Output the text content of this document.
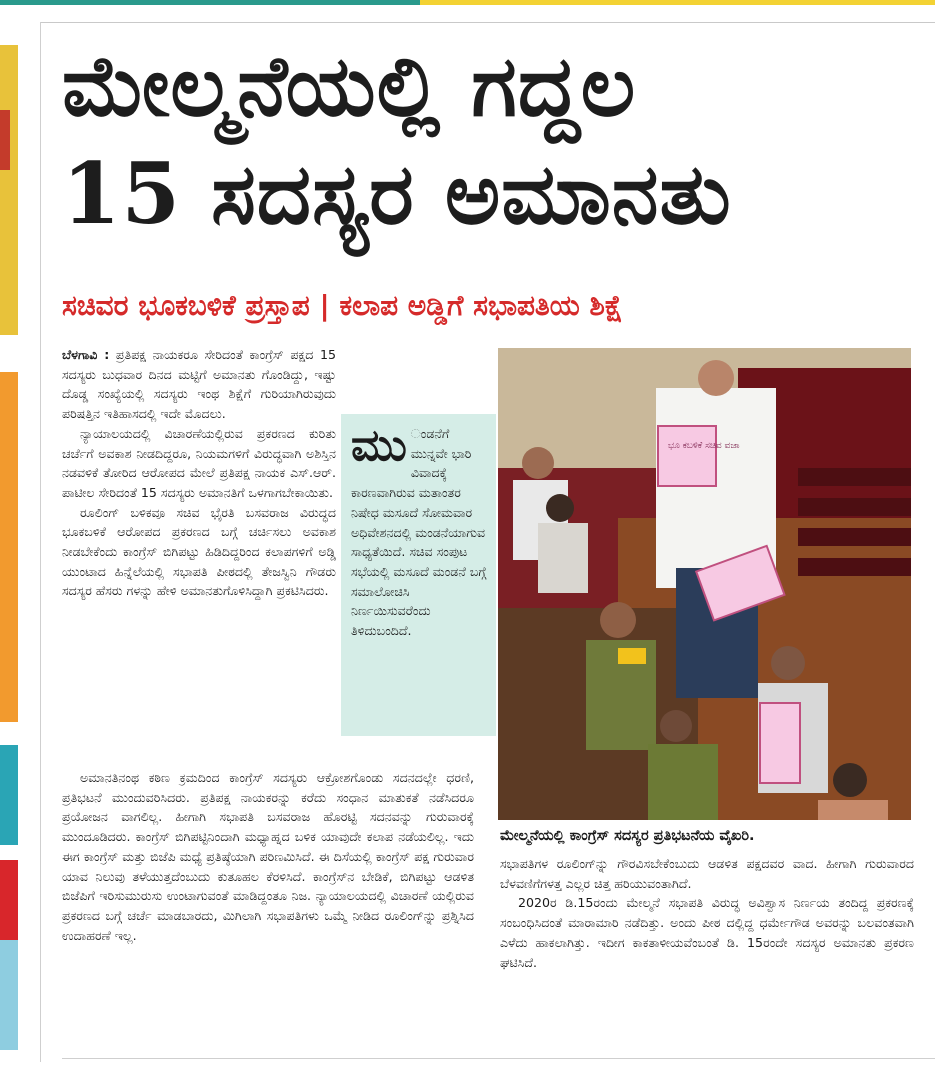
ಮೇಲ್ಮನೆಯಲ್ಲಿ ಗದ್ದಲ
15 ಸದಸ್ಯರ ಅಮಾನತು
ಸಚಿವರ ಭೂಕಬಳಿಕೆ ಪ್ರಸ್ತಾಪ | ಕಲಾಪ ಅಡ್ಡಿಗೆ ಸಭಾಪತಿಯ ಶಿಕ್ಷೆ

ಬೆಳಗಾವಿ : ಪ್ರತಿಪಕ್ಷ ನಾಯಕರೂ ಸೇರಿದಂತೆ ಕಾಂಗ್ರೆಸ್ ಪಕ್ಷದ 15 ಸದಸ್ಯರು ಬುಧವಾರ ದಿನದ ಮಟ್ಟಿಗೆ ಅಮಾನತು ಗೊಂಡಿದ್ದು, ಇಷ್ಟು ದೊಡ್ಡ ಸಂಖ್ಯೆಯಲ್ಲಿ ಸದಸ್ಯರು ಇಂಥ ಶಿಕ್ಷೆಗೆ ಗುರಿಯಾಗಿರುವುದು ಪರಿಷತ್ತಿನ ಇತಿಹಾಸದಲ್ಲಿ ಇದೇ ಮೊದಲು.

ನ್ಯಾಯಾಲಯದಲ್ಲಿ ವಿಚಾರಣೆಯಲ್ಲಿರುವ ಪ್ರಕರಣದ ಕುರಿತು ಚರ್ಚೆಗೆ ಅವಕಾಶ ನೀಡದಿದ್ದರೂ, ನಿಯಮಗಳಿಗೆ ವಿರುದ್ಧವಾಗಿ ಅಶಿಸ್ತಿನ ನಡವಳಿಕೆ ತೋರಿದ ಆರೋಪದ ಮೇಲೆ ಪ್ರತಿಪಕ್ಷ ನಾಯಕ ಎಸ್.ಆರ್. ಪಾಟೀಲ ಸೇರಿದಂತೆ 15 ಸದಸ್ಯರು ಅಮಾನತಿಗೆ ಒಳಗಾಗಬೇಕಾಯಿತು.

ರೂಲಿಂಗ್ ಬಳಿಕವೂ ಸಚಿವ ಭೈರತಿ ಬಸವರಾಜ ವಿರುದ್ಧದ ಭೂಕಬಳಿಕೆ ಆರೋಪದ ಪ್ರಕರಣದ ಬಗ್ಗೆ ಚರ್ಚಿಸಲು ಅವಕಾಶ ನೀಡಬೇಕೆಂದು ಕಾಂಗ್ರೆಸ್ ಬಿಗಿಪಟ್ಟು ಹಿಡಿದಿದ್ದರಿಂದ ಕಲಾಪಗಳಿಗೆ ಅಡ್ಡಿ ಯುಂಟಾದ ಹಿನ್ನೆಲೆಯಲ್ಲಿ ಸಭಾಪತಿ ಪೀಠದಲ್ಲಿ ತೇಜಸ್ವಿನಿ ಗೌಡರು ಸದಸ್ಯರ ಹೆಸರು ಗಳನ್ನು ಹೇಳಿ ಅಮಾನತುಗೊಳಿಸಿದ್ದಾಗಿ ಪ್ರಕಟಿಸಿದರು.

ಮು ಂಡನೆಗೆ ಮುನ್ನವೇ ಭಾರಿ ವಿವಾದಕ್ಕೆ ಕಾರಣವಾಗಿರುವ ಮತಾಂತರ ನಿಷೇಧ ಮಸೂದೆ ಸೋಮವಾರ ಅಧಿವೇಶನದಲ್ಲಿ ಮಂಡನೆಯಾಗುವ ಸಾಧ್ಯತೆಯಿದೆ. ಸಚಿವ ಸಂಪುಟ ಸಭೆಯಲ್ಲಿ ಮಸೂದೆ ಮಂಡನೆ ಬಗ್ಗೆ ಸಮಾಲೋಚಿಸಿ ನಿರ್ಣಯಿಸುವರೆಂದು ತಿಳಿದುಬಂದಿದೆ.

ಅಮಾನತಿನಂಥ ಕಠಿಣ ಕ್ರಮದಿಂದ ಕಾಂಗ್ರೆಸ್ ಸದಸ್ಯರು ಆಕ್ರೋಶಗೊಂಡು ಸದನದಲ್ಲೇ ಧರಣಿ, ಪ್ರತಿಭಟನೆ ಮುಂದುವರಿಸಿದರು. ಪ್ರತಿಪಕ್ಷ ನಾಯಕರನ್ನು ಕರೆದು ಸಂಧಾನ ಮಾತುಕತೆ ನಡೆಸಿದರೂ ಪ್ರಯೋಜನ ವಾಗಲಿಲ್ಲ. ಹೀಗಾಗಿ ಸಭಾಪತಿ ಬಸವರಾಜ ಹೊರಟ್ಟಿ ಸದನವನ್ನು ಗುರುವಾರಕ್ಕೆ ಮುಂದೂಡಿದರು. ಕಾಂಗ್ರೆಸ್ ಬಿಗಿಪಟ್ಟಿನಿಂದಾಗಿ ಮಧ್ಯಾಹ್ನದ ಬಳಿಕ ಯಾವುದೇ ಕಲಾಪ ನಡೆಯಲಿಲ್ಲ. ಇದು ಈಗ ಕಾಂಗ್ರೆಸ್ ಮತ್ತು ಬಿಜೆಪಿ ಮಧ್ಯೆ ಪ್ರತಿಷ್ಠೆಯಾಗಿ ಪರಿಣಮಿಸಿದೆ. ಈ ದಿಸೆಯಲ್ಲಿ ಕಾಂಗ್ರೆಸ್ ಪಕ್ಷ ಗುರುವಾರ ಯಾವ ನಿಲುವು ತಳೆಯುತ್ತದೆಂಬುದು ಕುತೂಹಲ ಕೆರಳಿಸಿದೆ. ಕಾಂಗ್ರೆಸ್‌ನ ಬೇಡಿಕೆ, ಬಿಗಿಪಟ್ಟು ಆಡಳಿತ ಬಿಜೆಪಿಗೆ ಇರಿಸುಮುರುಸು ಉಂಟಾಗುವಂತೆ ಮಾಡಿದ್ದಂತೂ ನಿಜ. ನ್ಯಾಯಾಲಯದಲ್ಲಿ ವಿಚಾರಣೆ ಯಲ್ಲಿರುವ ಪ್ರಕರಣದ ಬಗ್ಗೆ ಚರ್ಚೆ ಮಾಡಬಾರದು, ಮಿಗಿಲಾಗಿ ಸಭಾಪತಿಗಳು ಒಮ್ಮೆ ನೀಡಿದ ರೂಲಿಂಗ್‌ನ್ನು ಪ್ರಶ್ನಿಸಿದ ಉದಾಹರಣೆ ಇಲ್ಲ.

ಭೂ ಕಬಳಿಕೆ ಸಚಿವ ವಜಾ

ಮೇಲ್ಮನೆಯಲ್ಲಿ ಕಾಂಗ್ರೆಸ್ ಸದಸ್ಯರ ಪ್ರತಿಭಟನೆಯ ವೈಖರಿ.

ಸಭಾಪತಿಗಳ ರೂಲಿಂಗ್‌ನ್ನು ಗೌರವಿಸಬೇಕೆಂಬುದು ಆಡಳಿತ ಪಕ್ಷದವರ ವಾದ. ಹೀಗಾಗಿ ಗುರುವಾರದ ಬೆಳವಣಿಗೆಗಳತ್ತ ಎಲ್ಲರ ಚಿತ್ತ ಹರಿಯುವಂತಾಗಿದೆ.

2020ರ ಡಿ.15ರಂದು ಮೇಲ್ಮನೆ ಸಭಾಪತಿ ವಿರುದ್ಧ ಅವಿಶ್ವಾಸ ನಿರ್ಣಯ ತಂದಿದ್ದ ಪ್ರಕರಣಕ್ಕೆ ಸಂಬಂಧಿಸಿದಂತೆ ಮಾರಾಮಾರಿ ನಡೆದಿತ್ತು. ಅಂದು ಪೀಠ ದಲ್ಲಿದ್ದ ಧರ್ಮೇಗೌಡ ಅವರನ್ನು ಬಲವಂತವಾಗಿ ಎಳೆದು ಹಾಕಲಾಗಿತ್ತು. ಇದೀಗ ಕಾಕತಾಳೀಯವೆಂಬಂತೆ ಡಿ. 15ರಂದೇ ಸದಸ್ಯರ ಅಮಾನತು ಪ್ರಕರಣ ಘಟಿಸಿದೆ.
